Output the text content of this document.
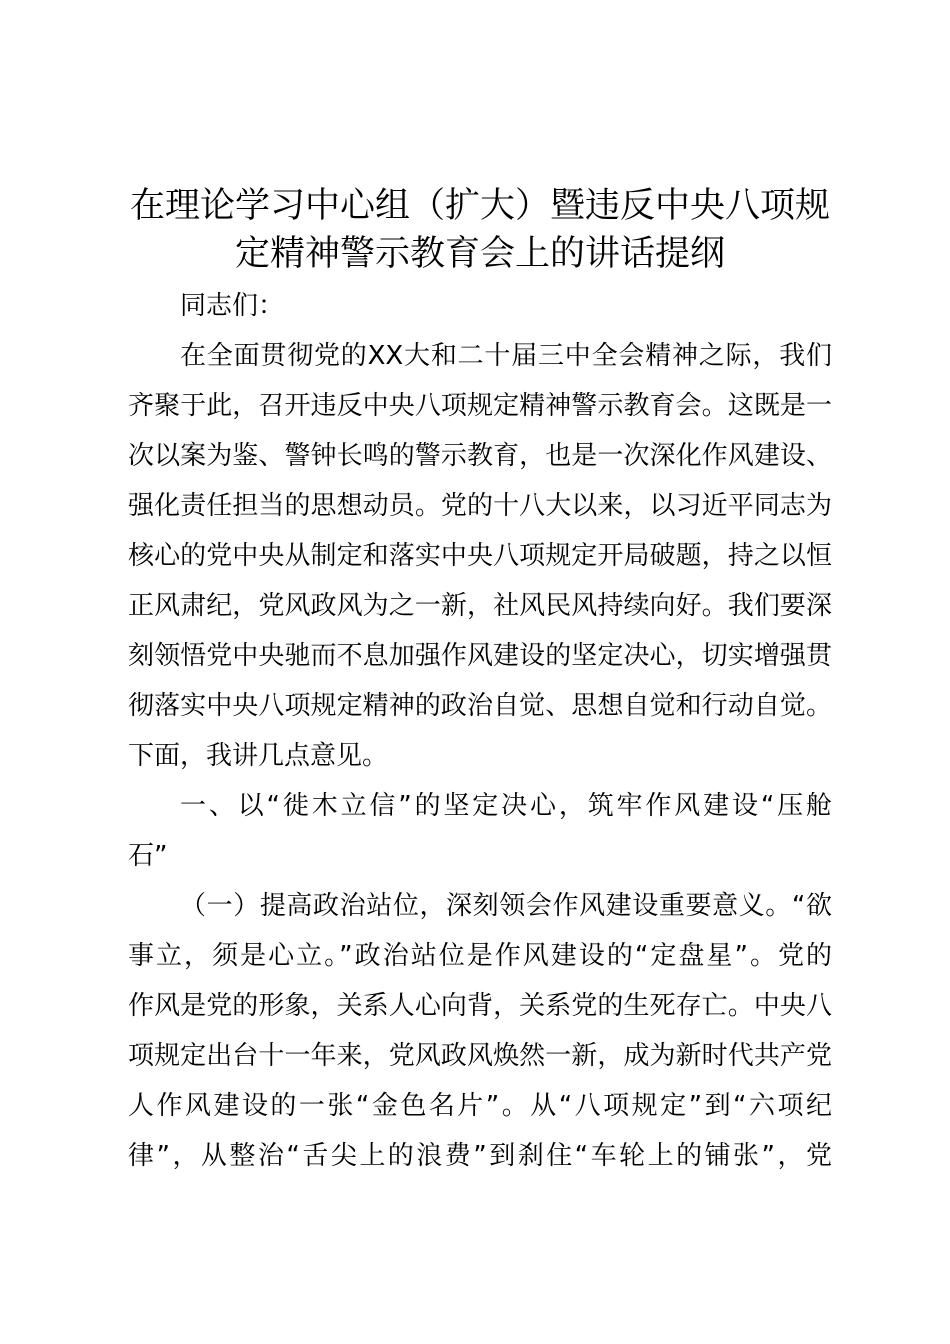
在理论学习中心组（扩大）暨违反中央八项规
定精神警示教育会上的讲话提纲

同志们：

在全面贯彻党的XX大和二十届三中全会精神之际，我们
齐聚于此，召开违反中央八项规定精神警示教育会。这既是一
次以案为鉴、警钟长鸣的警示教育，也是一次深化作风建设、
强化责任担当的思想动员。党的十八大以来，以习近平同志为
核心的党中央从制定和落实中央八项规定开局破题，持之以恒
正风肃纪，党风政风为之一新，社风民风持续向好。我们要深
刻领悟党中央驰而不息加强作风建设的坚定决心，切实增强贯
彻落实中央八项规定精神的政治自觉、思想自觉和行动自觉。
下面，我讲几点意见。

一、以“徙木立信”的坚定决心，筑牢作风建设“压舱
石”

（一）提高政治站位，深刻领会作风建设重要意义。“欲
事立，须是心立。”政治站位是作风建设的“定盘星”。党的
作风是党的形象，关系人心向背，关系党的生死存亡。中央八
项规定出台十一年来，党风政风焕然一新，成为新时代共产党
人作风建设的一张“金色名片”。从“八项规定”到“六项纪
律”，从整治“舌尖上的浪费”到刹住“车轮上的铺张”，党
